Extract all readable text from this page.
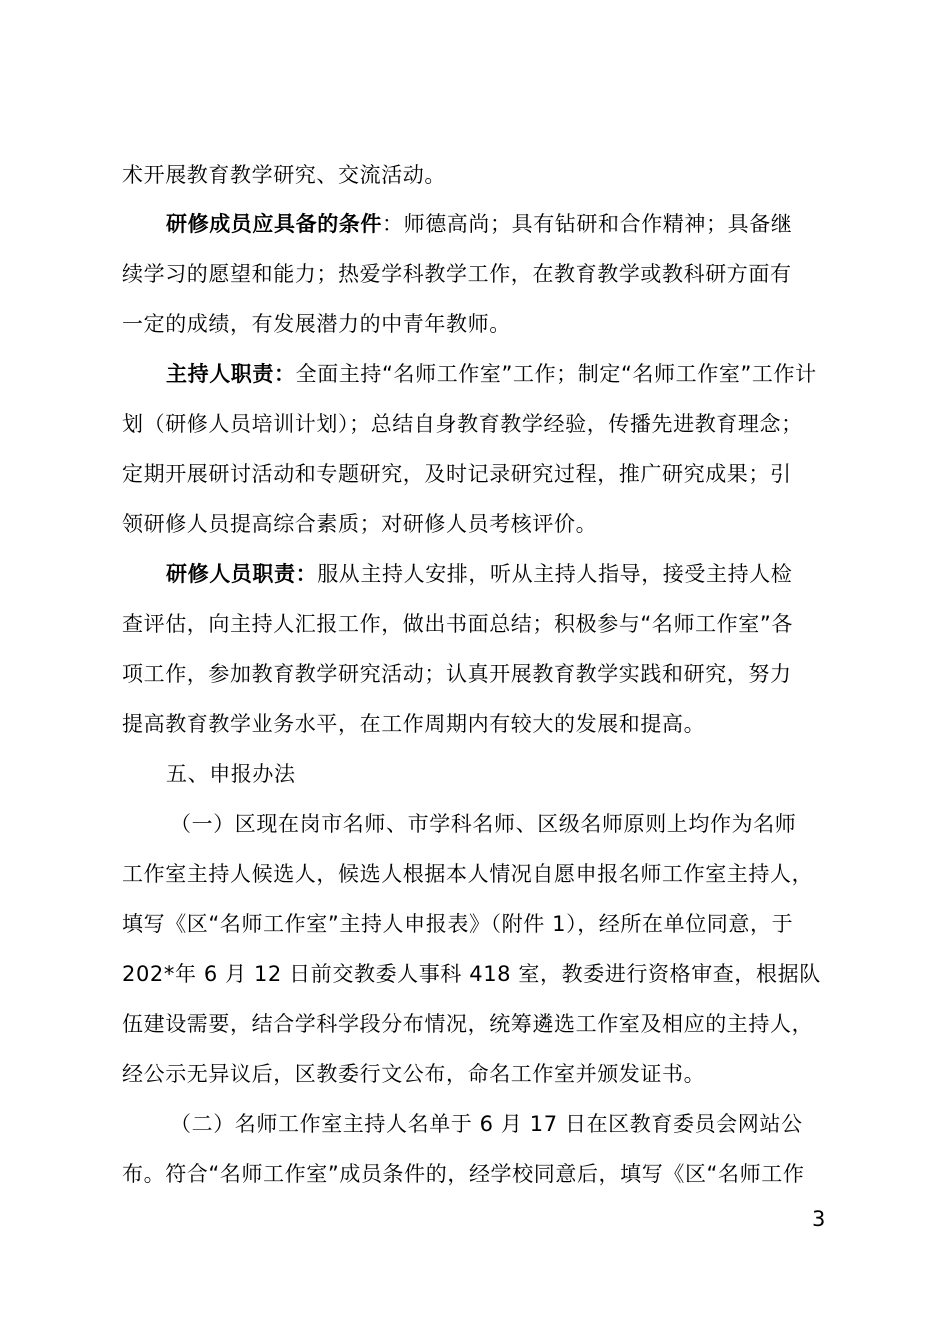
术开展教育教学研究、交流活动。
研修成员应具备的条件：师德高尚；具有钻研和合作精神；具备继
续学习的愿望和能力；热爱学科教学工作，在教育教学或教科研方面有
一定的成绩，有发展潜力的中青年教师。
主持人职责：全面主持“名师工作室”工作；制定“名师工作室”工作计
划（研修人员培训计划）；总结自身教育教学经验，传播先进教育理念；
定期开展研讨活动和专题研究，及时记录研究过程，推广研究成果；引
领研修人员提高综合素质；对研修人员考核评价。
研修人员职责：服从主持人安排，听从主持人指导，接受主持人检
查评估，向主持人汇报工作，做出书面总结；积极参与“名师工作室”各
项工作，参加教育教学研究活动；认真开展教育教学实践和研究，努力
提高教育教学业务水平，在工作周期内有较大的发展和提高。
五、申报办法
（一）区现在岗市名师、市学科名师、区级名师原则上均作为名师
工作室主持人候选人，候选人根据本人情况自愿申报名师工作室主持人，
填写《区“名师工作室”主持人申报表》（附件 1），经所在单位同意，于
202*年 6 月 12 日前交教委人事科 418 室，教委进行资格审查，根据队
伍建设需要，结合学科学段分布情况，统筹遴选工作室及相应的主持人，
经公示无异议后，区教委行文公布，命名工作室并颁发证书。
（二）名师工作室主持人名单于 6 月 17 日在区教育委员会网站公
布。符合“名师工作室”成员条件的，经学校同意后，填写《区“名师工作
3
